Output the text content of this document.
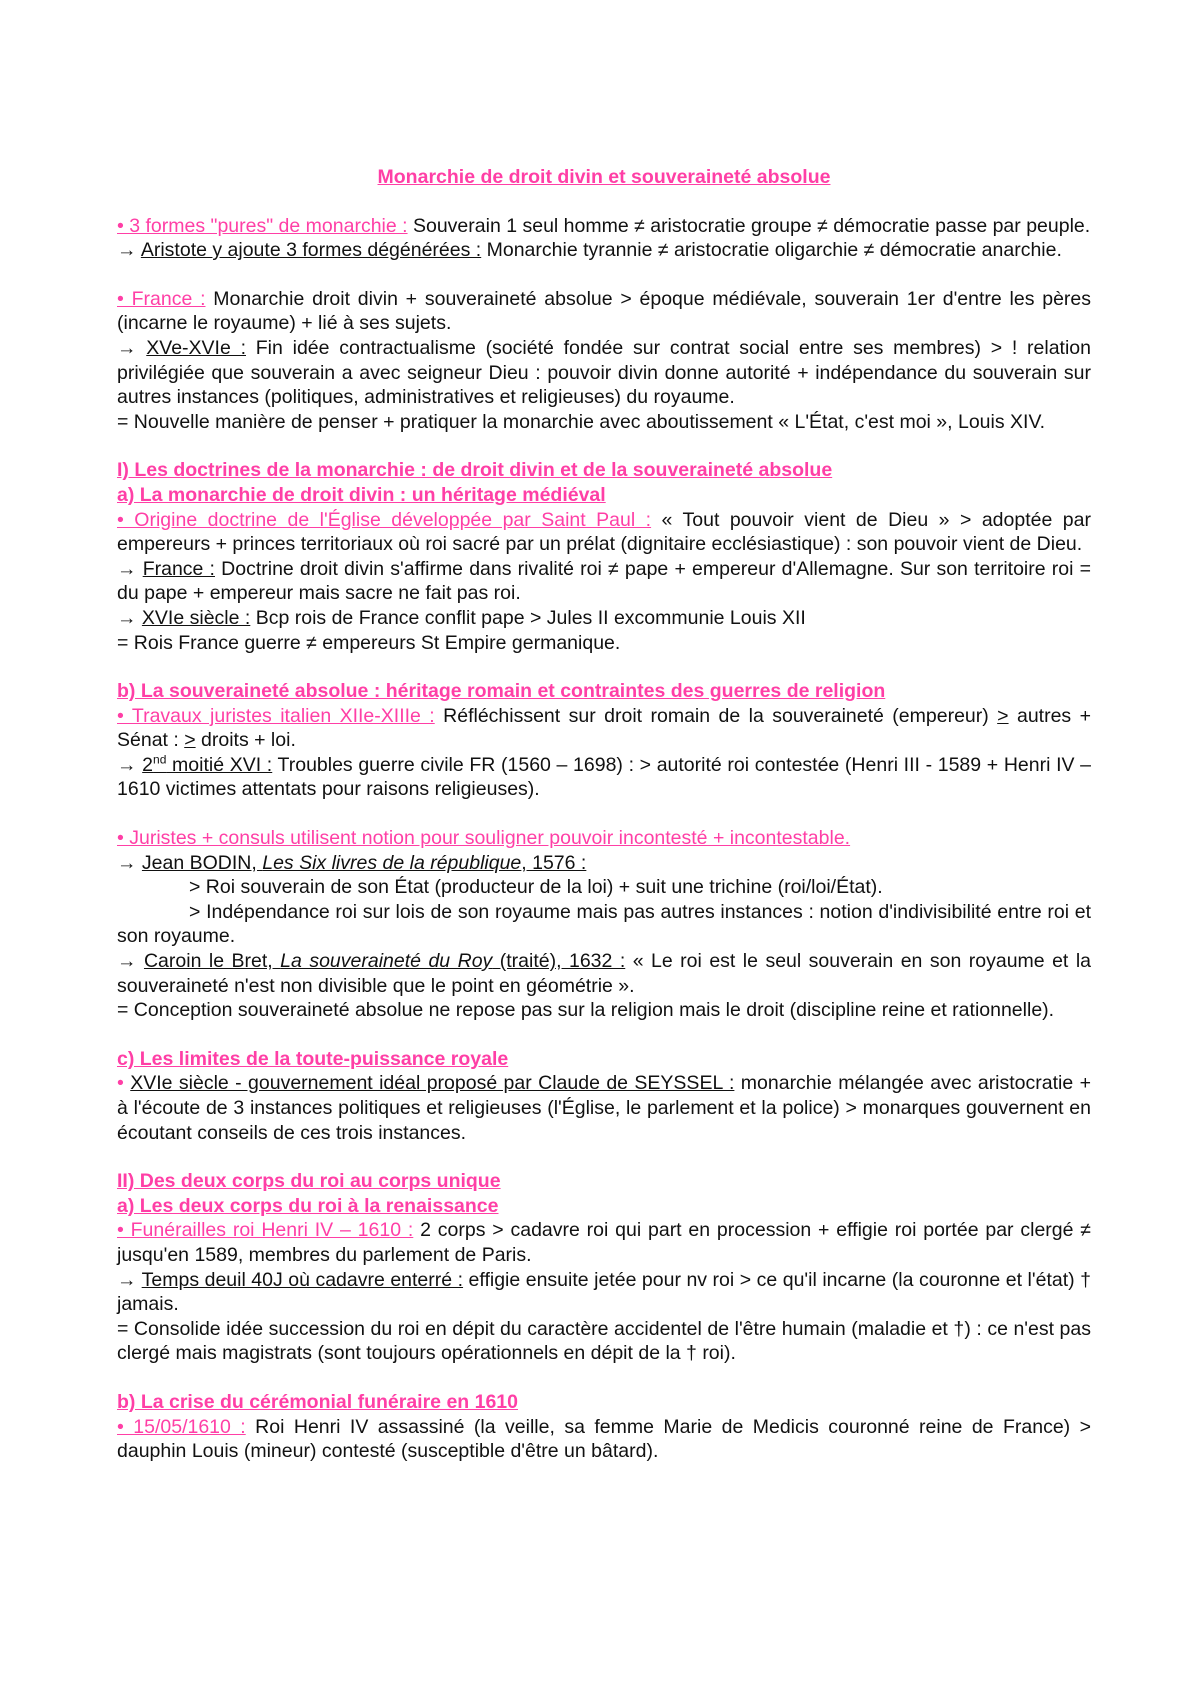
Monarchie de droit divin et souveraineté absolue

• 3 formes "pures" de monarchie : Souverain 1 seul homme ≠ aristocratie groupe ≠ démocratie passe par peuple.

→ Aristote y ajoute 3 formes dégénérées : Monarchie tyrannie ≠ aristocratie oligarchie ≠ démocratie anarchie.

• France : Monarchie droit divin + souveraineté absolue > époque médiévale, souverain 1er d'entre les pères (incarne le royaume) + lié à ses sujets.

→ XVe-XVIe : Fin idée contractualisme (société fondée sur contrat social entre ses membres) > ! relation privilégiée que souverain a avec seigneur Dieu : pouvoir divin donne autorité + indépendance du souverain sur autres instances (politiques, administratives et religieuses) du royaume.

= Nouvelle manière de penser + pratiquer la monarchie avec aboutissement « L'État, c'est moi », Louis XIV.

I) Les doctrines de la monarchie : de droit divin et de la souveraineté absolue

a) La monarchie de droit divin : un héritage médiéval

• Origine doctrine de l'Église développée par Saint Paul : « Tout pouvoir vient de Dieu » > adoptée par empereurs + princes territoriaux où roi sacré par un prélat (dignitaire ecclésiastique) : son pouvoir vient de Dieu.

→ France : Doctrine droit divin s'affirme dans rivalité roi ≠ pape + empereur d'Allemagne. Sur son territoire roi = du pape + empereur mais sacre ne fait pas roi.

→ XVIe siècle : Bcp rois de France conflit pape > Jules II excommunie Louis XII

= Rois France guerre ≠ empereurs St Empire germanique.

b) La souveraineté absolue : héritage romain et contraintes des guerres de religion

• Travaux juristes italien XIIe-XIIIe : Réfléchissent sur droit romain de la souveraineté (empereur) > autres + Sénat : > droits + loi.

→ 2nd moitié XVI : Troubles guerre civile FR (1560 – 1698) : > autorité roi contestée (Henri III - 1589 + Henri IV – 1610 victimes attentats pour raisons religieuses).

• Juristes + consuls utilisent notion pour souligner pouvoir incontesté + incontestable.

→ Jean BODIN, Les Six livres de la république, 1576 :

> Roi souverain de son État (producteur de la loi) + suit une trichine (roi/loi/État).

> Indépendance roi sur lois de son royaume mais pas autres instances : notion d'indivisibilité entre roi et son royaume.

→ Caroin le Bret, La souveraineté du Roy (traité), 1632 : « Le roi est le seul souverain en son royaume et la souveraineté n'est non divisible que le point en géométrie ».

= Conception souveraineté absolue ne repose pas sur la religion mais le droit (discipline reine et rationnelle).

c) Les limites de la toute-puissance royale

• XVIe siècle - gouvernement idéal proposé par Claude de SEYSSEL : monarchie mélangée avec aristocratie + à l'écoute de 3 instances politiques et religieuses (l'Église, le parlement et la police) > monarques gouvernent en écoutant conseils de ces trois instances.

II) Des deux corps du roi au corps unique

a) Les deux corps du roi à la renaissance

• Funérailles roi Henri IV – 1610 : 2 corps > cadavre roi qui part en procession + effigie roi portée par clergé ≠ jusqu'en 1589, membres du parlement de Paris.

→ Temps deuil 40J où cadavre enterré : effigie ensuite jetée pour nv roi > ce qu'il incarne (la couronne et l'état) † jamais.

= Consolide idée succession du roi en dépit du caractère accidentel de l'être humain (maladie et †) : ce n'est pas clergé mais magistrats (sont toujours opérationnels en dépit de la † roi).

b) La crise du cérémonial funéraire en 1610

• 15/05/1610 : Roi Henri IV assassiné (la veille, sa femme Marie de Medicis couronné reine de France) > dauphin Louis (mineur) contesté (susceptible d'être un bâtard).
